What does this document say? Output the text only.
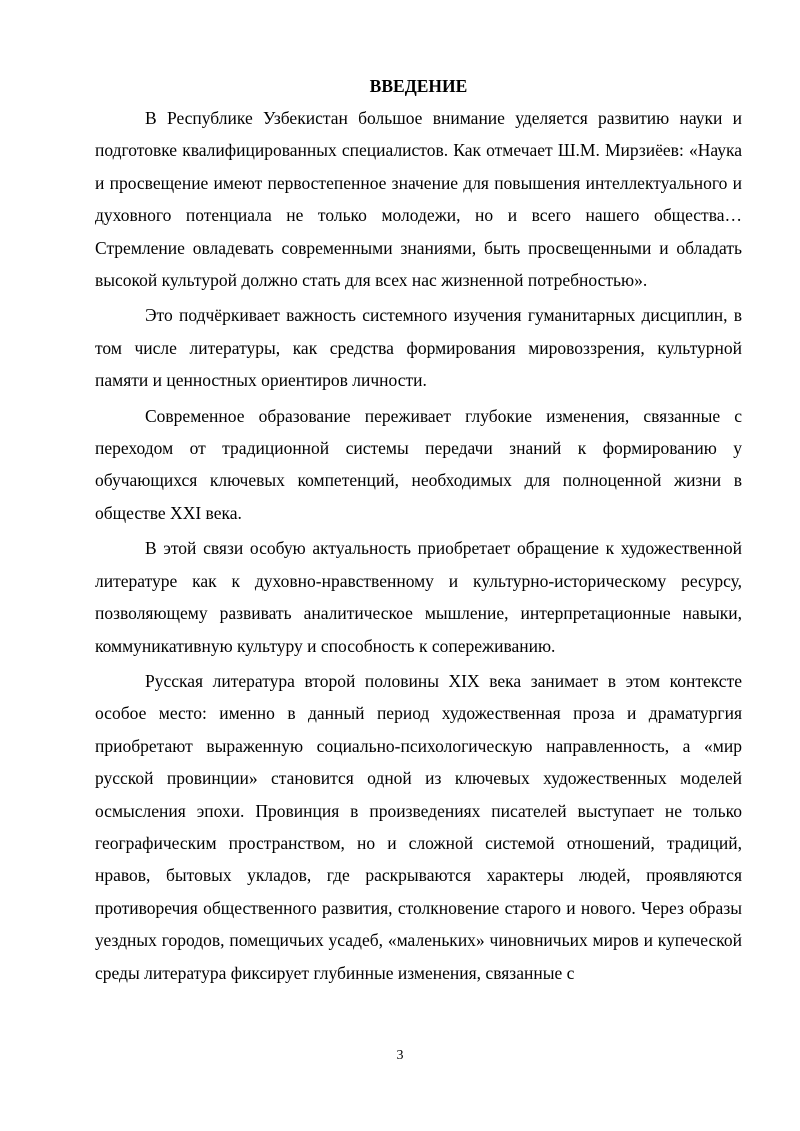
ВВЕДЕНИЕ

В Республике Узбекистан большое внимание уделяется развитию науки и подготовке квалифицированных специалистов. Как отмечает Ш.М. Мирзиёев: «Наука и просвещение имеют первостепенное значение для повышения интеллектуального и духовного потенциала не только молодежи, но и всего нашего общества… Стремление овладевать современными знаниями, быть просвещенными и обладать высокой культурой должно стать для всех нас жизненной потребностью».

Это подчёркивает важность системного изучения гуманитарных дисциплин, в том числе литературы, как средства формирования мировоззрения, культурной памяти и ценностных ориентиров личности.

Современное образование переживает глубокие изменения, связанные с переходом от традиционной системы передачи знаний к формированию у обучающихся ключевых компетенций, необходимых для полноценной жизни в обществе XXI века.

В этой связи особую актуальность приобретает обращение к художественной литературе как к духовно-нравственному и культурно-историческому ресурсу, позволяющему развивать аналитическое мышление, интерпретационные навыки, коммуникативную культуру и способность к сопереживанию.

Русская литература второй половины XIX века занимает в этом контексте особое место: именно в данный период художественная проза и драматургия приобретают выраженную социально-психологическую направленность, а «мир русской провинции» становится одной из ключевых художественных моделей осмысления эпохи. Провинция в произведениях писателей выступает не только географическим пространством, но и сложной системой отношений, традиций, нравов, бытовых укладов, где раскрываются характеры людей, проявляются противоречия общественного развития, столкновение старого и нового. Через образы уездных городов, помещичьих усадеб, «маленьких» чиновничьих миров и купеческой среды литература фиксирует глубинные изменения, связанные с

3
